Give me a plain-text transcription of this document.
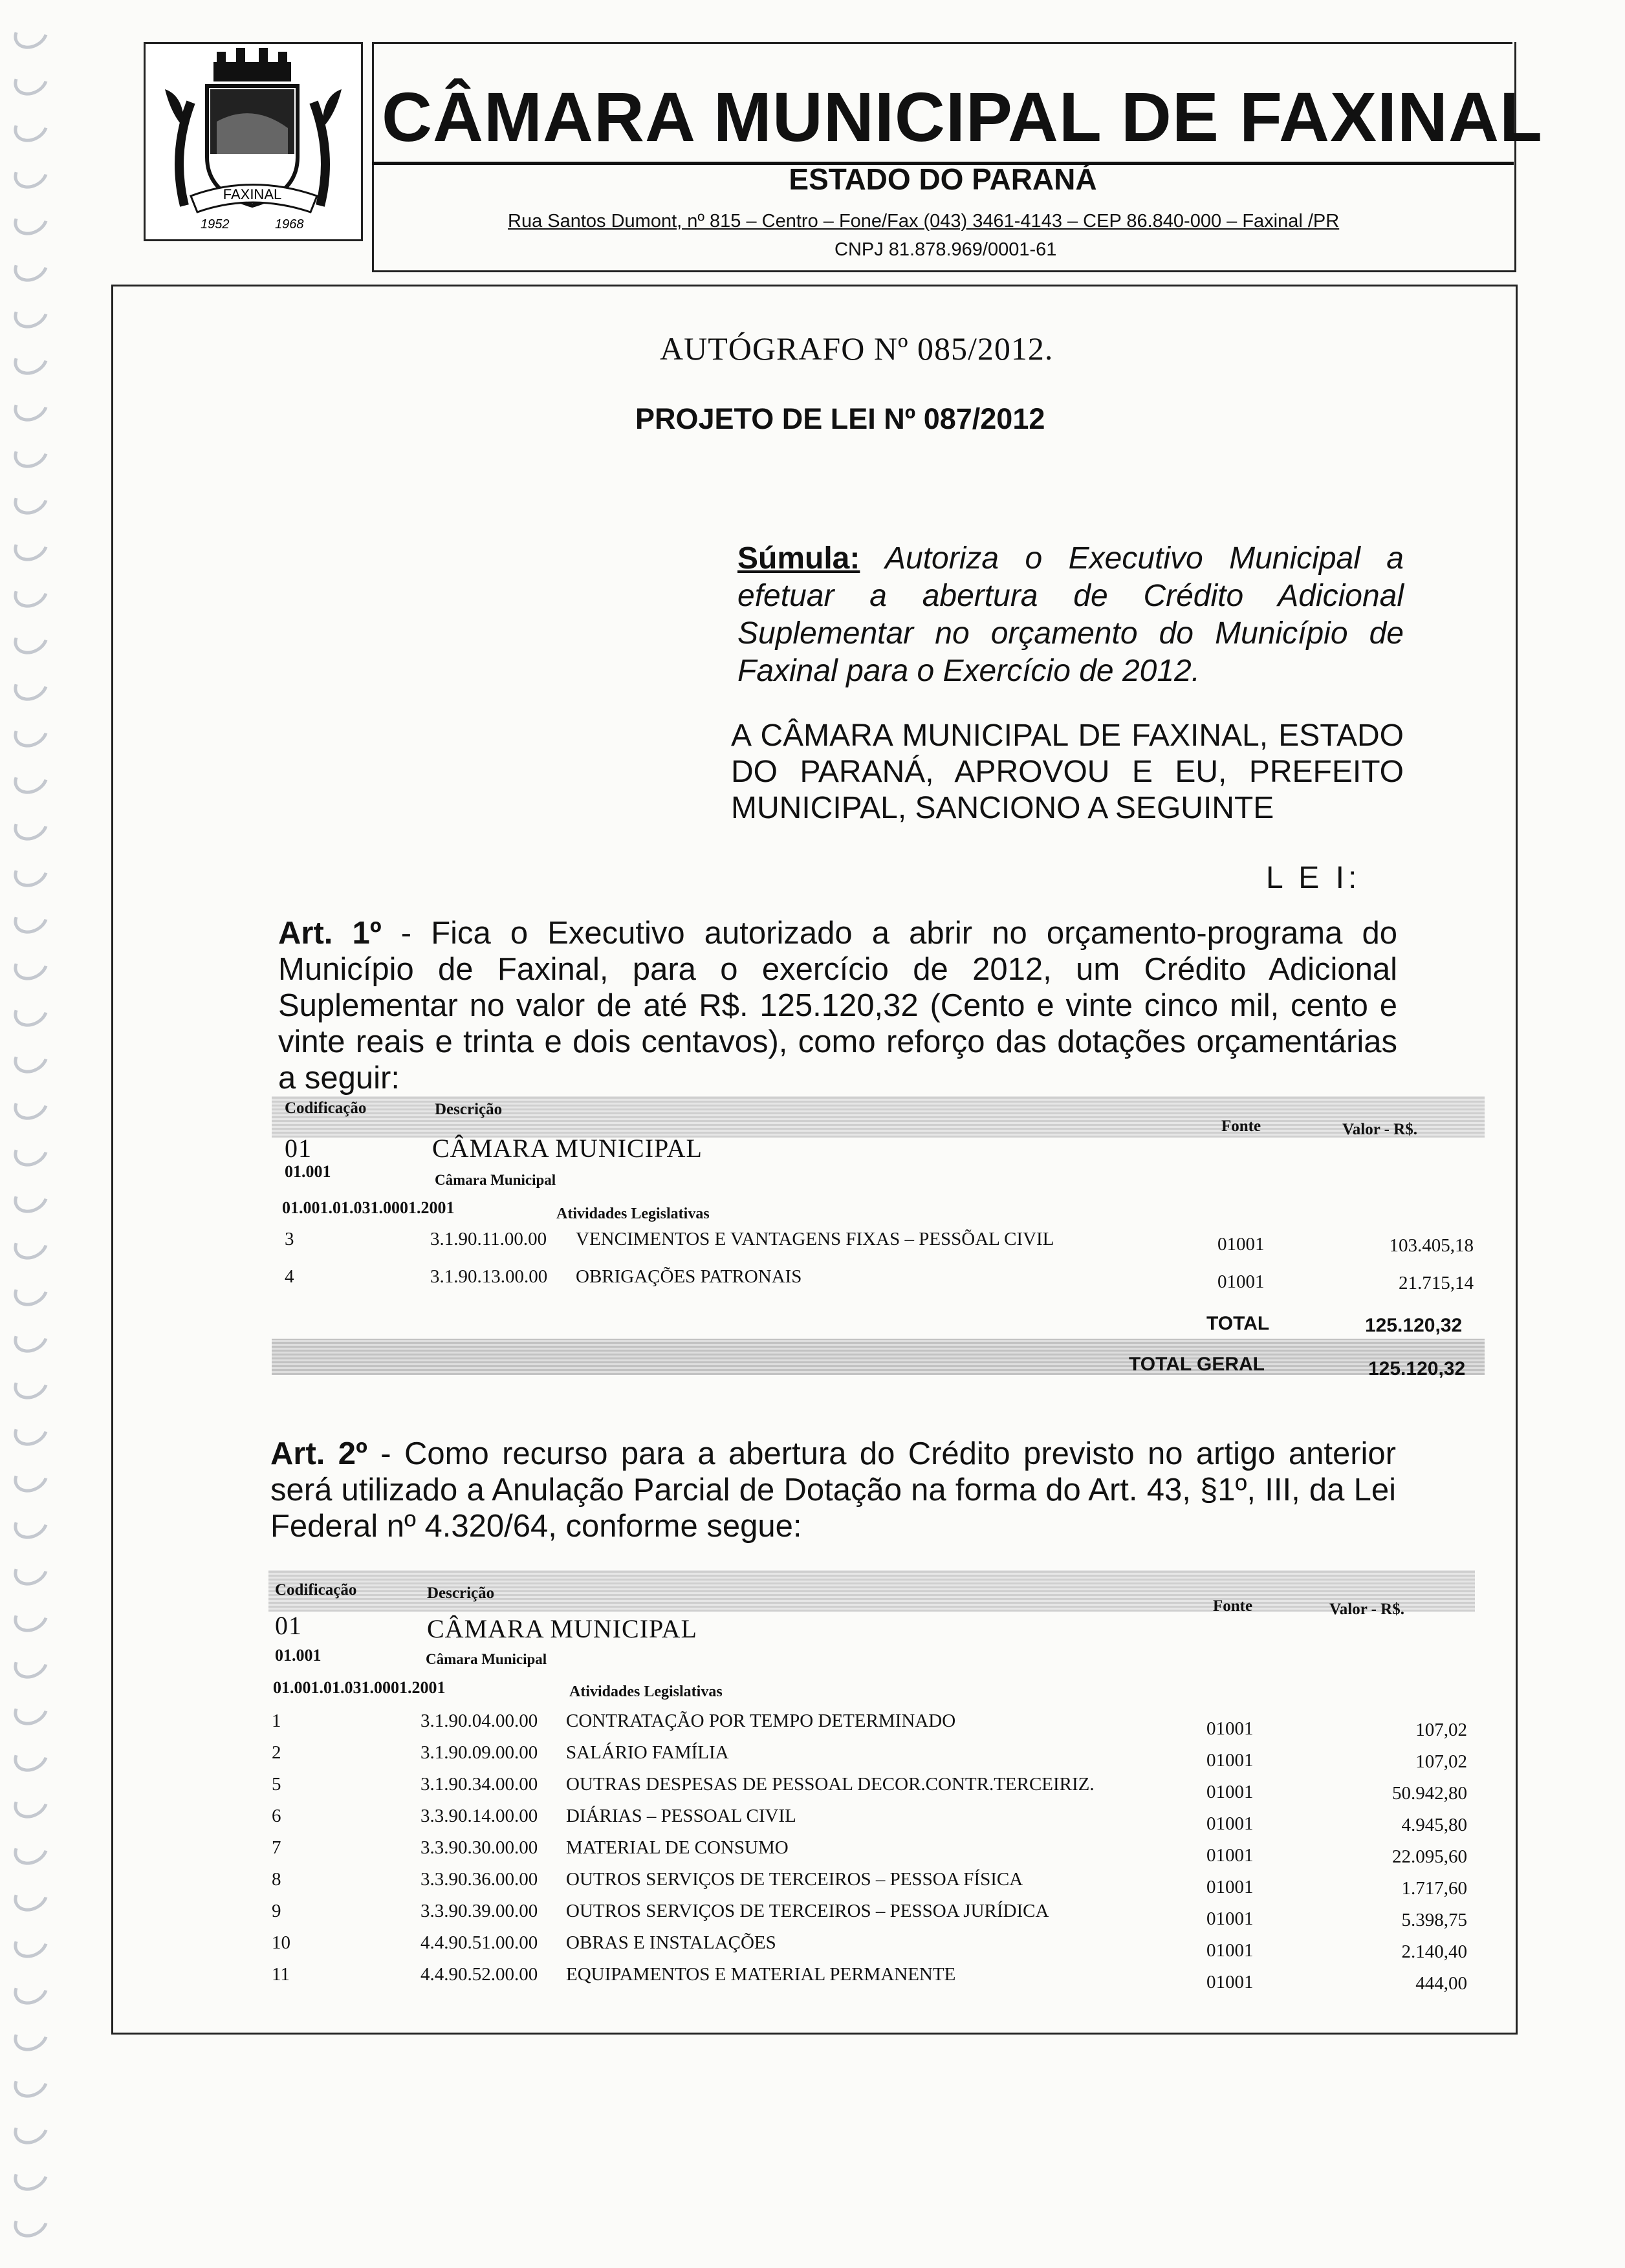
FAXINAL
1952	1968
CÂMARA MUNICIPAL DE FAXINAL
ESTADO DO PARANÁ
Rua Santos Dumont, nº 815 – Centro – Fone/Fax (043) 3461-4143 – CEP 86.840-000 – Faxinal /PR
CNPJ 81.878.969/0001-61
AUTÓGRAFO Nº 085/2012.
PROJETO DE LEI Nº 087/2012
Súmula: Autoriza o Executivo Municipal a efetuar a abertura de Crédito Adicional Suplementar no orçamento do Município de Faxinal para o Exercício de 2012.
A CÂMARA MUNICIPAL DE FAXINAL, ESTADO DO PARANÁ, APROVOU E EU, PREFEITO MUNICIPAL, SANCIONO A SEGUINTE
L E I:
Art. 1º - Fica o Executivo autorizado a abrir no orçamento-programa do Município de Faxinal, para o exercício de 2012, um Crédito Adicional Suplementar no valor de até R$. 125.120,32 (Cento e vinte cinco mil, cento e vinte reais e trinta e dois centavos), como reforço das dotações orçamentárias a seguir:
Codificação	Descrição
Fonte	Valor - R$.
01	CÂMARA MUNICIPAL
01.001	Câmara Municipal
01.001.01.031.0001.2001	Atividades Legislativas
3	3.1.90.11.00.00 VENCIMENTOS E VANTAGENS FIXAS – PESSÕAL CIVIL	01001	103.405,18
4	3.1.90.13.00.00 OBRIGAÇÕES PATRONAIS	01001	21.715,14
TOTAL	125.120,32
TOTAL GERAL	125.120,32
Art. 2º - Como recurso para a abertura do Crédito previsto no artigo anterior será utilizado a Anulação Parcial de Dotação na forma do Art. 43, §1º, III, da Lei Federal nº 4.320/64, conforme segue:
Codificação	Descrição
Fonte	Valor - R$.
01	CÂMARA MUNICIPAL
01.001	Câmara Municipal
01.001.01.031.0001.2001	Atividades Legislativas
1	3.1.90.04.00.00 CONTRATAÇÃO POR TEMPO DETERMINADO	01001	107,02
2	3.1.90.09.00.00 SALÁRIO FAMÍLIA	01001	107,02
5	3.1.90.34.00.00 OUTRAS DESPESAS DE PESSOAL DECOR.CONTR.TERCEIRIZ.	01001	50.942,80
6	3.3.90.14.00.00 DIÁRIAS – PESSOAL CIVIL	01001	4.945,80
7	3.3.90.30.00.00 MATERIAL DE CONSUMO	01001	22.095,60
8	3.3.90.36.00.00 OUTROS SERVIÇOS DE TERCEIROS – PESSOA FÍSICA	01001	1.717,60
9	3.3.90.39.00.00 OUTROS SERVIÇOS DE TERCEIROS – PESSOA JURÍDICA	01001	5.398,75
10	4.4.90.51.00.00 OBRAS E INSTALAÇÕES	01001	2.140,40
11	4.4.90.52.00.00 EQUIPAMENTOS E MATERIAL PERMANENTE	01001	444,00
